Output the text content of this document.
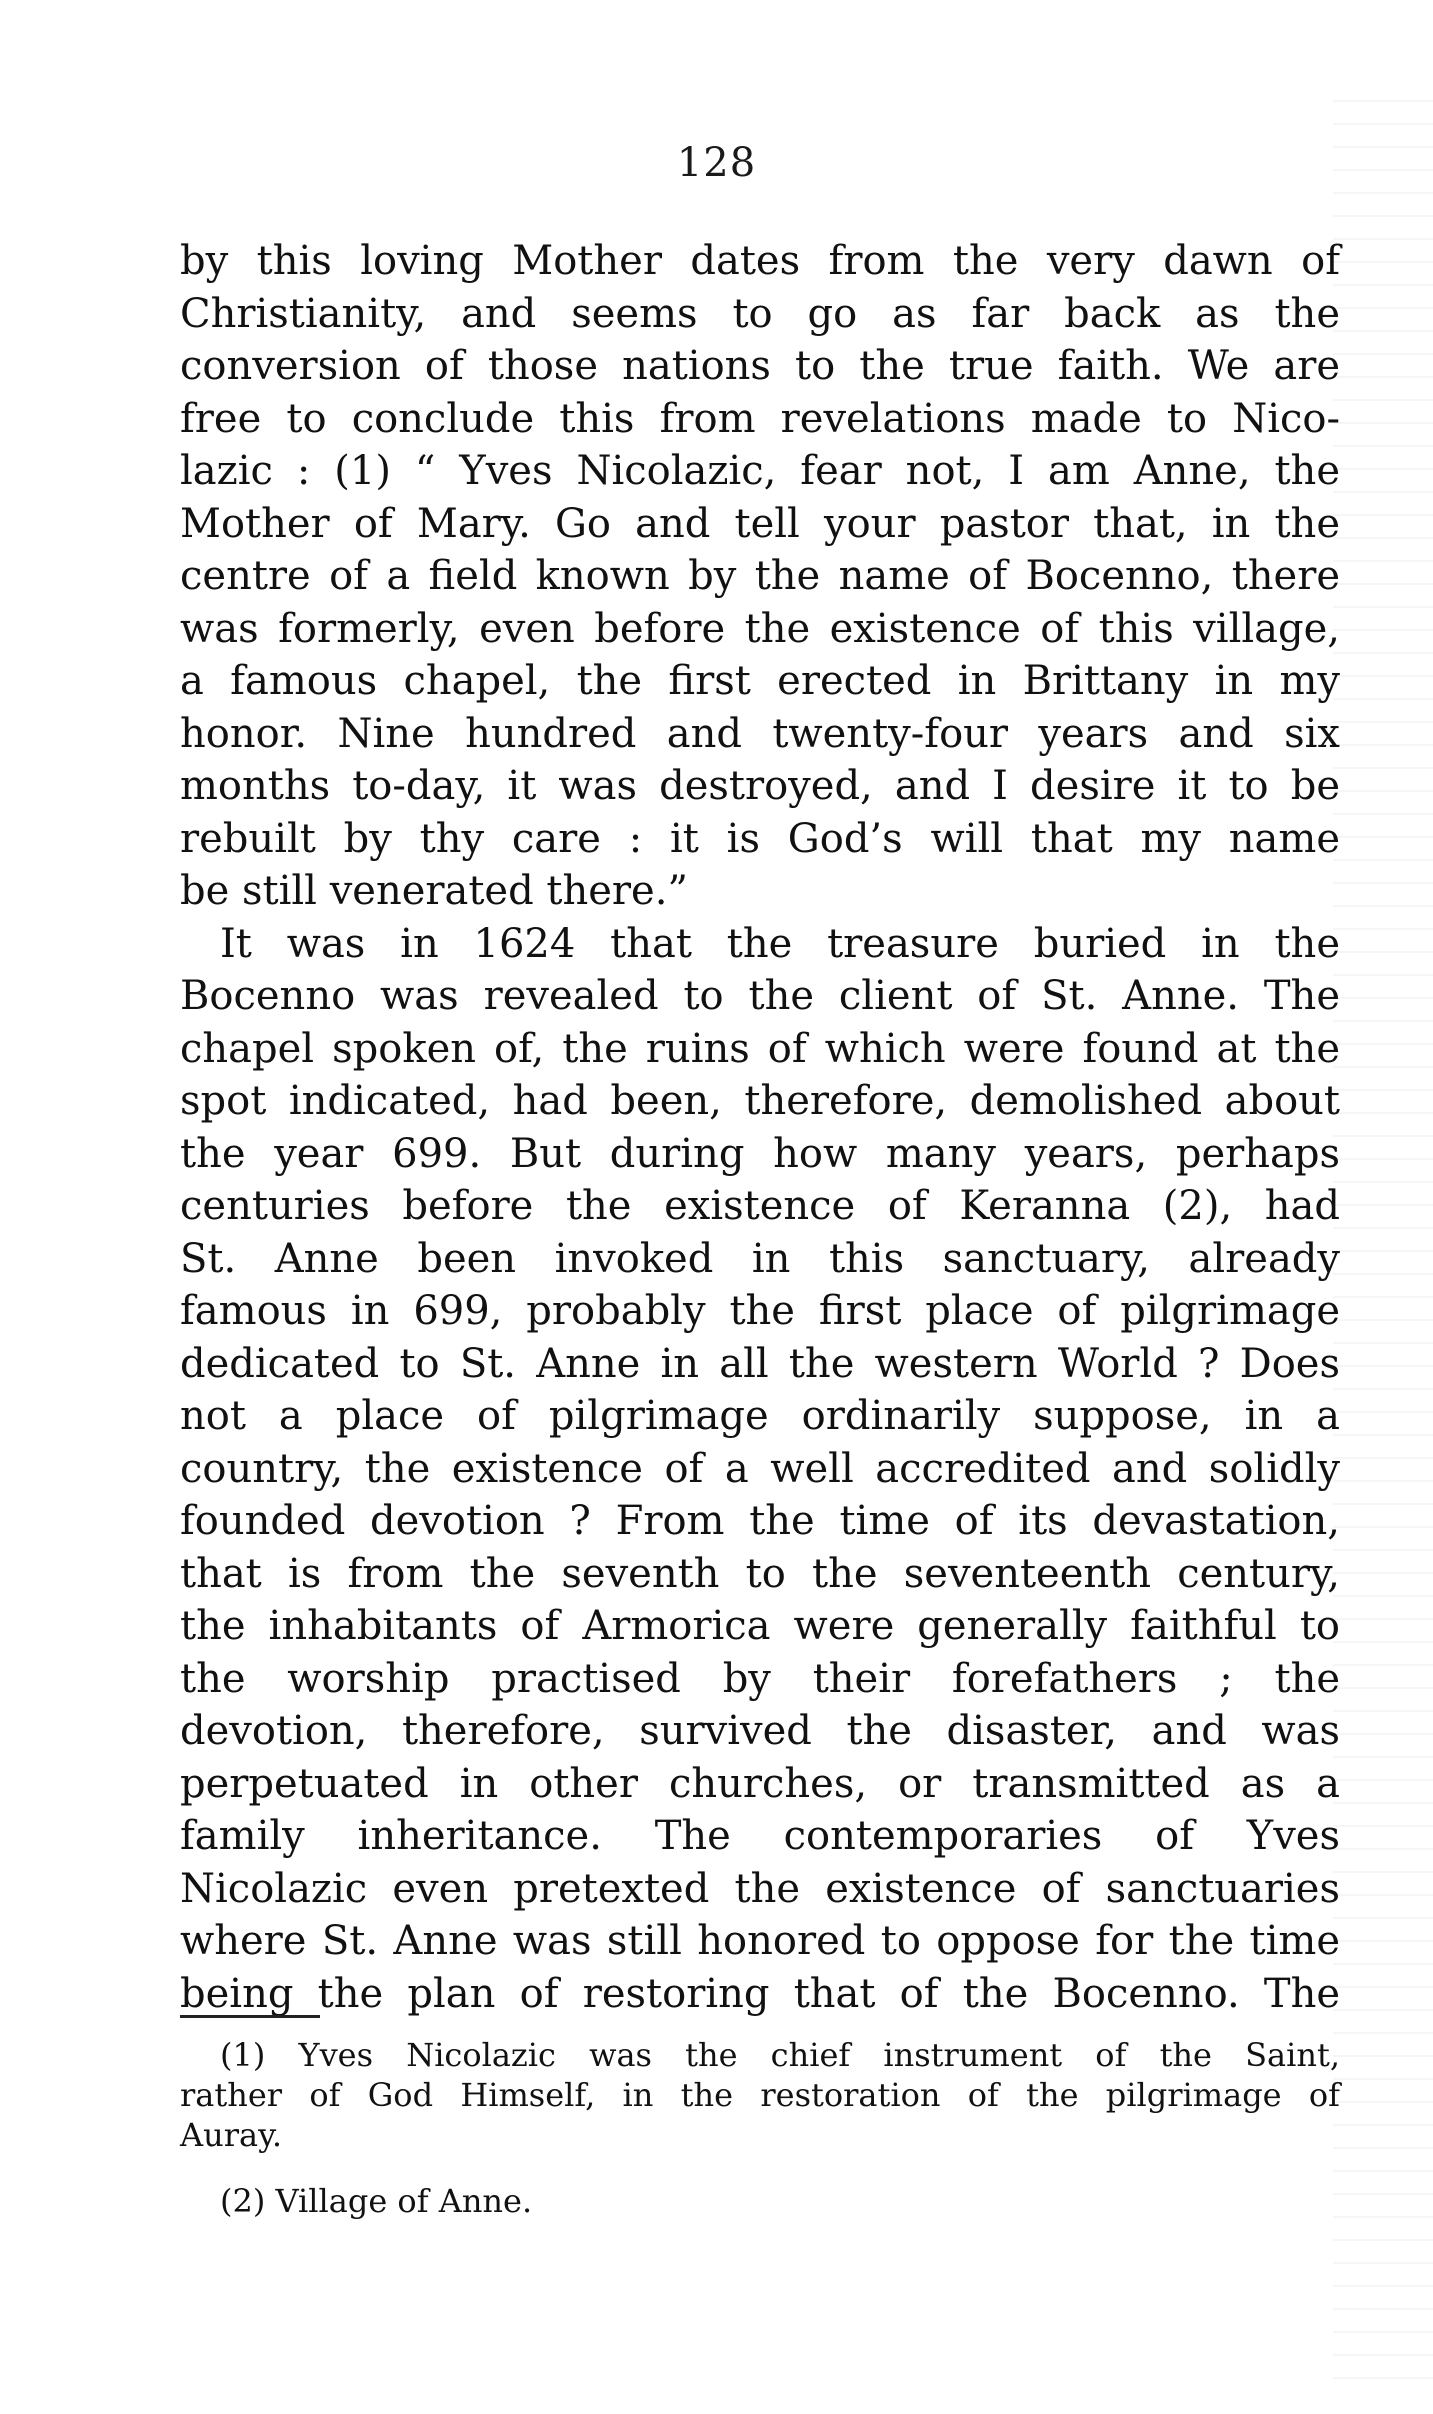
128
by this loving Mother dates from the very dawn of
Christianity, and seems to go as far back as the
conversion of those nations to the true faith. We are
free to conclude this from revelations made to Nico-
lazic : (1) “ Yves Nicolazic, fear not, I am Anne, the
Mother of Mary. Go and tell your pastor that, in the
centre of a field known by the name of Bocenno, there
was formerly, even before the existence of this village,
a famous chapel, the first erected in Brittany in my
honor. Nine hundred and twenty-four years and six
months to-day, it was destroyed, and I desire it to be
rebuilt by thy care : it is God’s will that my name
be still venerated there.”
It was in 1624 that the treasure buried in the
Bocenno was revealed to the client of St. Anne. The
chapel spoken of, the ruins of which were found at the
spot indicated, had been, therefore, demolished about
the year 699. But during how many years, perhaps
centuries before the existence of Keranna (2), had
St. Anne been invoked in this sanctuary, already
famous in 699, probably the first place of pilgrimage
dedicated to St. Anne in all the western World ? Does
not a place of pilgrimage ordinarily suppose, in a
country, the existence of a well accredited and solidly
founded devotion ? From the time of its devastation,
that is from the seventh to the seventeenth century,
the inhabitants of Armorica were generally faithful to
the worship practised by their forefathers ; the
devotion, therefore, survived the disaster, and was
perpetuated in other churches, or transmitted as a
family inheritance. The contemporaries of Yves
Nicolazic even pretexted the existence of sanctuaries
where St. Anne was still honored to oppose for the time
being the plan of restoring that of the Bocenno. The
(1) Yves Nicolazic was the chief instrument of the Saint,
rather of God Himself, in the restoration of the pilgrimage of
Auray.
(2) Village of Anne.
